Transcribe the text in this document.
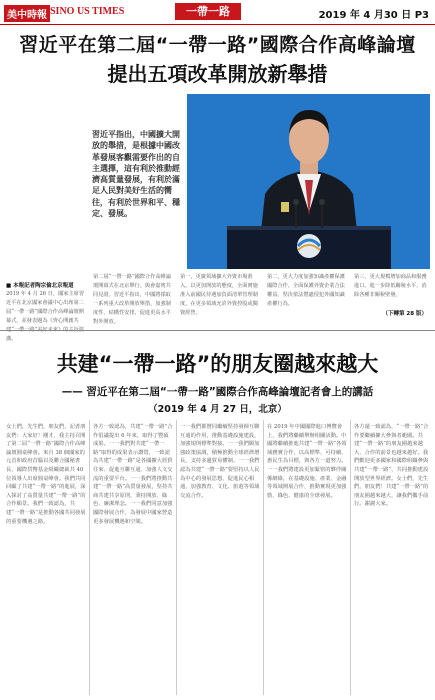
美中時報 SINO US TIMES	一帶一路	2019 年 4 月30 日 P3
習近平在第二屆“一帶一路”國際合作高峰論壇
提出五項改革開放新舉措
習近平指出，中國擴大開放的舉措，是根據中國改革發展客觀需要作出的自主選擇，這有利於推動經濟高質量發展，有利於滿足人民對美好生活的嚮往，有利於世界和平、穩定、發展。
■ 本報記者陶宗倫北京報道
2019 年 4 月 26 日，國家主席習近平在北京國家會議中心出席第二屆“一帶一路”國際合作高峰論壇開幕式，並發表題為《齊心開創共 講。
第二屆“一帶一路”國際合作高峰論壇開幕式在北京舉行。與會嘉賓共同見證。習近平指出，中國將採取一系列重大改革開放舉措，加強制度性、結構性安排，促進更高水平對外開放。
第一，更廣領域擴大外資市場准入。以更加開放的態度，全面實施准入前國民待遇加負面清單管理制度，在更多領域允許外資控股或獨資經營。
第二，更大力度加強知識產權保護國際合作。全面保護外資企業合法權益，堅決依法懲處侵犯外國知識產權行為。
第三，更大規模增加商品和服務進口。進一步降低關稅水平，消除各種非關稅壁壘。
（下轉第 28 版）
共建“一帶一路”的朋友圈越來越大
—— 習近平在第二屆“一帶一路”國際合作高峰論壇記者會上的講話
（2019 年 4 月 27 日，北京）
女士們，先生們，朋友們，記者朋友們：大家好！剛才，我主持召開了第二屆“一帶一路”國際合作高峰論壇圓桌峰會。來自 38 個國家的元首和政府首腦以及聯合國秘書長、國際貨幣基金組織總裁共 40 位領導人出席圓桌峰會。我們共同回顧了共建“一帶一路”的進展，深入探討了高質量共建“一帶一路”的合作願景。我們一致認為，共建“一帶一路”是推動各國共同發展的重要機遇之路。
各方一致認為，共建“一帶一路”合作倡議提出 6 年來，取得了豐碩成果。一一我們對共建“一帶一路”取得的成果表示讚賞，一致認為共建“一帶一路”是各國擴大經貿往來、促進互聯互通、加強人文交流的重要平台。一一我們將推動共建“一帶一路”高質量發展，堅持共商共建共享原則，秉持開放、綠色、廉潔理念。一一我們同意加強國際發展合作，為發展中國家營造更多發展機遇和空間。
一一我們都贊同繼續堅持發揮互聯互通的作用，推動基礎設施建設，加強規則標準對接。一一我們願加強政策協調，積極推動全球經濟增長，支持多邊貿易體制。一一我們認為共建“一帶一路”要堅持以人民為中心的發展思想，促進民心相通，加強教育、文化、旅遊等領域交流合作。
在 2019 年中國國際進口博覽會上，我們將繼續舉辦相關活動。中國將繼續推進共建“一帶一路”各領域務實合作，以高標準、可持續、惠民生為目標，與各方一道努力。一一我們將建設更加緊密的夥伴關係網絡，在基礎設施、產業、金融等領域開展合作，推動實現更加強勁、綠色、健康的全球發展。
各方還一致認為，“一帶一路”合作要繼續擴大參與者範圍。共建“一帶一路”的朋友圈越來越大，合作的前景也越來越好。我們歡迎更多國家和國際組織參與共建“一帶一路”，共同推動建設開放型世界經濟。女士們，先生們，朋友們！共建“一帶一路”的朋友圈越來越大，讓我們攜手前行。謝謝大家。
